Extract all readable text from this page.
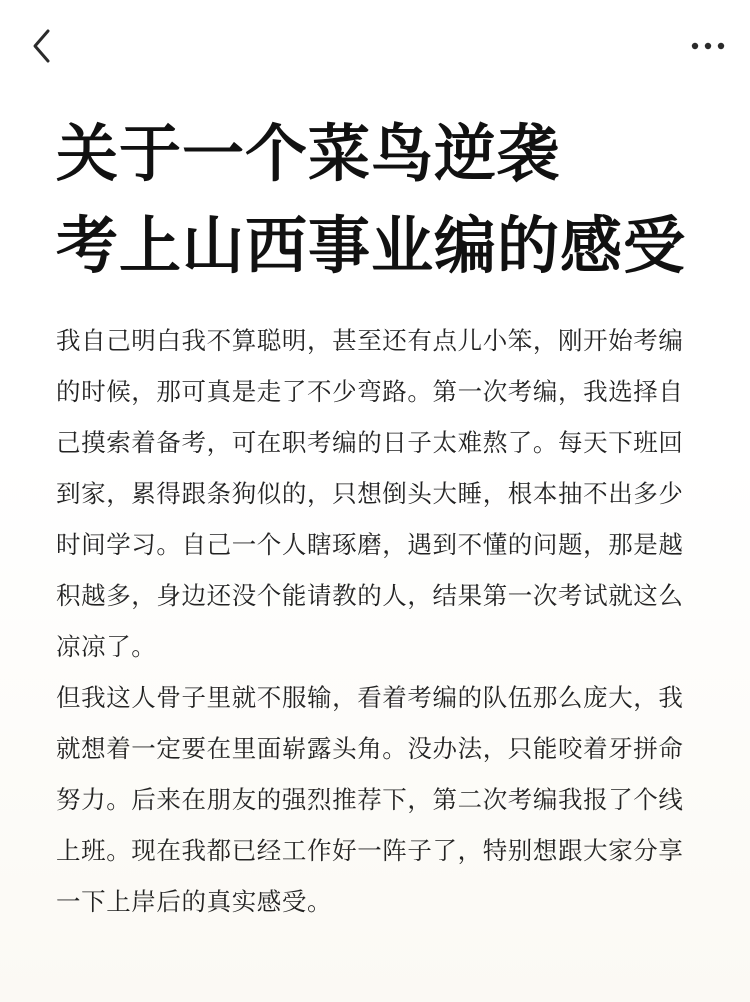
关于一个菜鸟逆袭
考上山西事业编的感受

我自己明白我不算聪明，甚至还有点儿小笨，刚开始考编
的时候，那可真是走了不少弯路。第一次考编，我选择自
己摸索着备考，可在职考编的日子太难熬了。每天下班回
到家，累得跟条狗似的，只想倒头大睡，根本抽不出多少
时间学习。自己一个人瞎琢磨，遇到不懂的问题，那是越
积越多，身边还没个能请教的人，结果第一次考试就这么
凉凉了。

但我这人骨子里就不服输，看着考编的队伍那么庞大，我
就想着一定要在里面崭露头角。没办法，只能咬着牙拼命
努力。后来在朋友的强烈推荐下，第二次考编我报了个线
上班。现在我都已经工作好一阵子了，特别想跟大家分享
一下上岸后的真实感受。
